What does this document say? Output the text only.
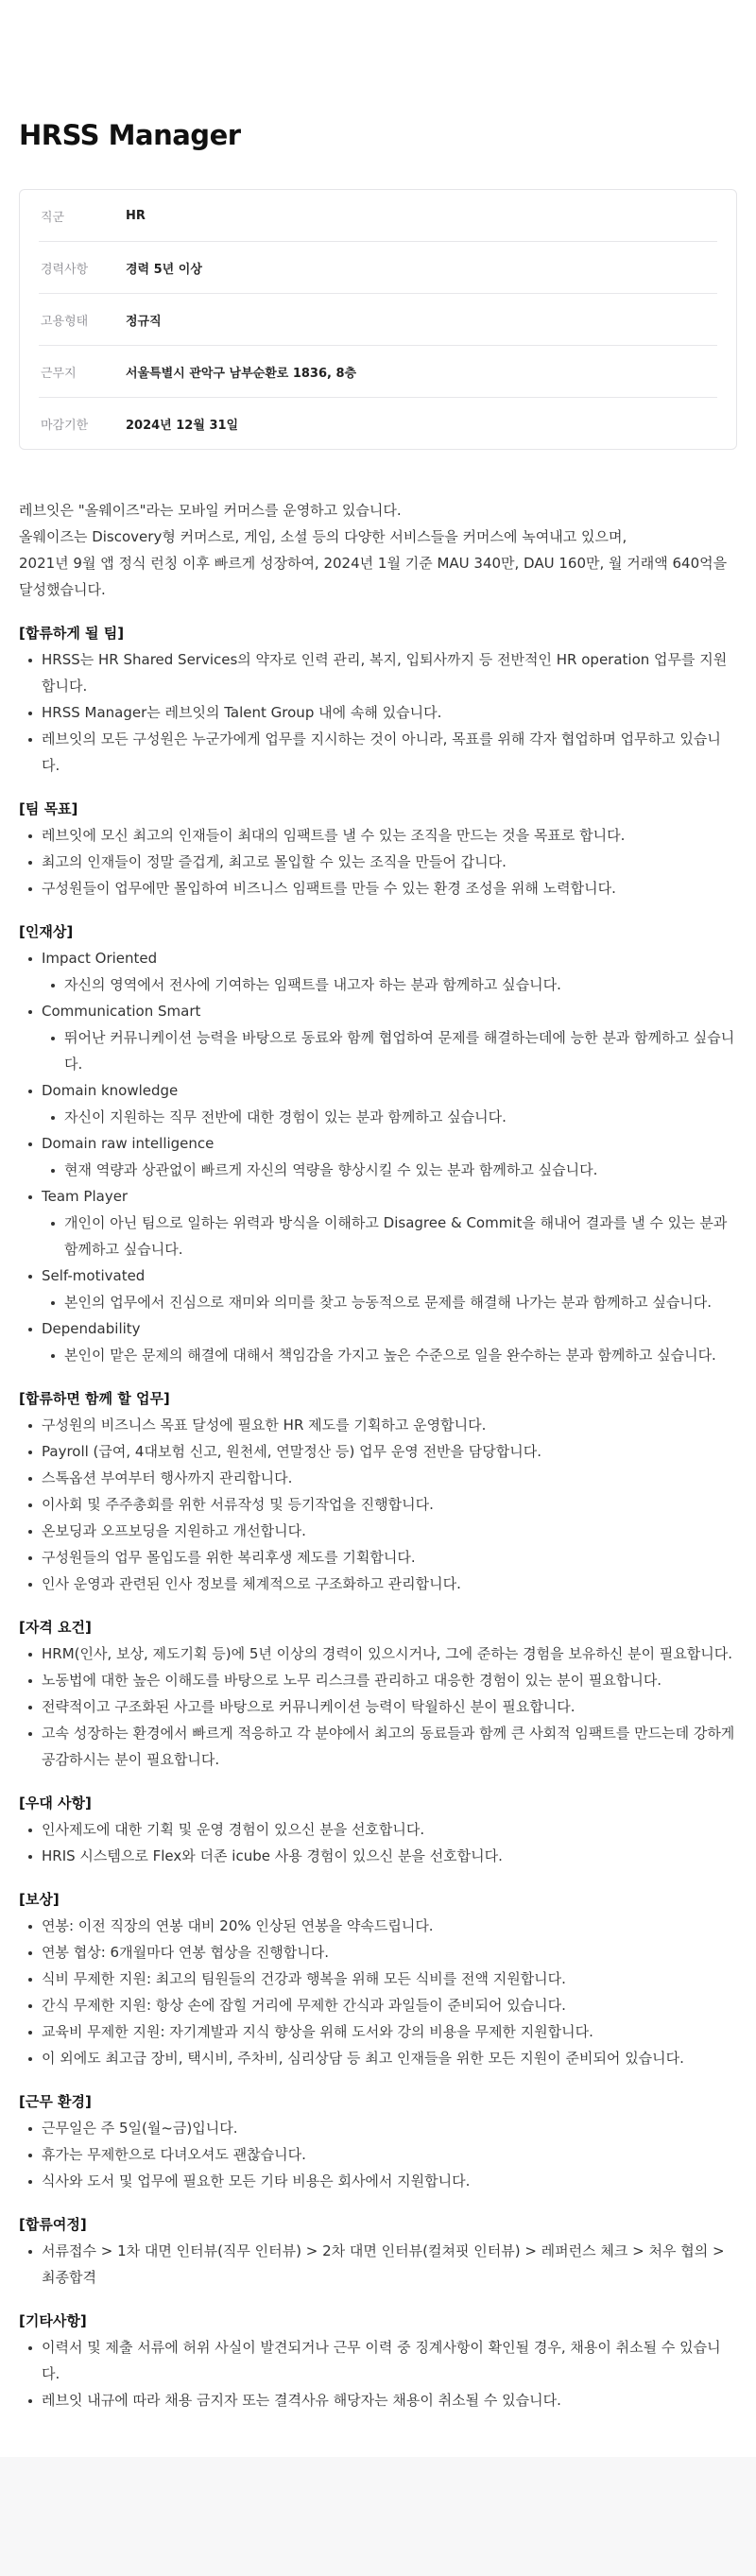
HRSS Manager
직군	HR
경력사항	경력 5년 이상
고용형태	정규직
근무지	서울특별시 관악구 남부순환로 1836, 8층
마감기한	2024년 12월 31일

레브잇은 "올웨이즈"라는 모바일 커머스를 운영하고 있습니다.

올웨이즈는 Discovery형 커머스로, 게임, 소셜 등의 다양한 서비스들을 커머스에 녹여내고 있으며,

2021년 9월 앱 정식 런칭 이후 빠르게 성장하여, 2024년 1월 기준 MAU 340만, DAU 160만, 월 거래액 640억을 달성했습니다.

[합류하게 될 팀]
HRSS는 HR Shared Services의 약자로 인력 관리, 복지, 입퇴사까지 등 전반적인 HR operation 업무를 지원합니다.
HRSS Manager는 레브잇의 Talent Group 내에 속해 있습니다.
레브잇의 모든 구성원은 누군가에게 업무를 지시하는 것이 아니라, 목표를 위해 각자 협업하며 업무하고 있습니다.
[팀 목표]
레브잇에 모신 최고의 인재들이 최대의 임팩트를 낼 수 있는 조직을 만드는 것을 목표로 합니다.
최고의 인재들이 정말 즐겁게, 최고로 몰입할 수 있는 조직을 만들어 갑니다.
구성원들이 업무에만 몰입하여 비즈니스 임팩트를 만들 수 있는 환경 조성을 위해 노력합니다.
[인재상]
Impact Oriented
자신의 영역에서 전사에 기여하는 임팩트를 내고자 하는 분과 함께하고 싶습니다.
Communication Smart
뛰어난 커뮤니케이션 능력을 바탕으로 동료와 함께 협업하여 문제를 해결하는데에 능한 분과 함께하고 싶습니다.
Domain knowledge
자신이 지원하는 직무 전반에 대한 경험이 있는 분과 함께하고 싶습니다.
Domain raw intelligence
현재 역량과 상관없이 빠르게 자신의 역량을 향상시킬 수 있는 분과 함께하고 싶습니다.
Team Player
개인이 아닌 팀으로 일하는 위력과 방식을 이해하고 Disagree & Commit을 해내어 결과를 낼 수 있는 분과 함께하고 싶습니다.
Self-motivated
본인의 업무에서 진심으로 재미와 의미를 찾고 능동적으로 문제를 해결해 나가는 분과 함께하고 싶습니다.
Dependability
본인이 맡은 문제의 해결에 대해서 책임감을 가지고 높은 수준으로 일을 완수하는 분과 함께하고 싶습니다.
[합류하면 함께 할 업무]
구성원의 비즈니스 목표 달성에 필요한 HR 제도를 기획하고 운영합니다.
Payroll (급여, 4대보험 신고, 원천세, 연말정산 등) 업무 운영 전반을 담당합니다.
스톡옵션 부여부터 행사까지 관리합니다.
이사회 및 주주총회를 위한 서류작성 및 등기작업을 진행합니다.
온보딩과 오프보딩을 지원하고 개선합니다.
구성원들의 업무 몰입도를 위한 복리후생 제도를 기획합니다.
인사 운영과 관련된 인사 정보를 체계적으로 구조화하고 관리합니다.
[자격 요건]
HRM(인사, 보상, 제도기획 등)에 5년 이상의 경력이 있으시거나, 그에 준하는 경험을 보유하신 분이 필요합니다.
노동법에 대한 높은 이해도를 바탕으로 노무 리스크를 관리하고 대응한 경험이 있는 분이 필요합니다.
전략적이고 구조화된 사고를 바탕으로 커뮤니케이션 능력이 탁월하신 분이 필요합니다.
고속 성장하는 환경에서 빠르게 적응하고 각 분야에서 최고의 동료들과 함께 큰 사회적 임팩트를 만드는데 강하게 공감하시는 분이 필요합니다.
[우대 사항]
인사제도에 대한 기획 및 운영 경험이 있으신 분을 선호합니다.
HRIS 시스템으로 Flex와 더존 icube 사용 경험이 있으신 분을 선호합니다.
[보상]
연봉: 이전 직장의 연봉 대비 20% 인상된 연봉을 약속드립니다.
연봉 협상: 6개월마다 연봉 협상을 진행합니다.
식비 무제한 지원: 최고의 팀원들의 건강과 행복을 위해 모든 식비를 전액 지원합니다.
간식 무제한 지원: 항상 손에 잡힐 거리에 무제한 간식과 과일들이 준비되어 있습니다.
교육비 무제한 지원: 자기계발과 지식 향상을 위해 도서와 강의 비용을 무제한 지원합니다.
이 외에도 최고급 장비, 택시비, 주차비, 심리상담 등 최고 인재들을 위한 모든 지원이 준비되어 있습니다.
[근무 환경]
근무일은 주 5일(월~금)입니다.
휴가는 무제한으로 다녀오셔도 괜찮습니다.
식사와 도서 및 업무에 필요한 모든 기타 비용은 회사에서 지원합니다.
[합류여정]
서류접수 > 1차 대면 인터뷰(직무 인터뷰) > 2차 대면 인터뷰(컬쳐핏 인터뷰) > 레퍼런스 체크 > 처우 협의 > 최종합격
[기타사항]
이력서 및 제출 서류에 허위 사실이 발견되거나 근무 이력 중 징계사항이 확인될 경우, 채용이 취소될 수 있습니다.
레브잇 내규에 따라 채용 금지자 또는 결격사유 해당자는 채용이 취소될 수 있습니다.
